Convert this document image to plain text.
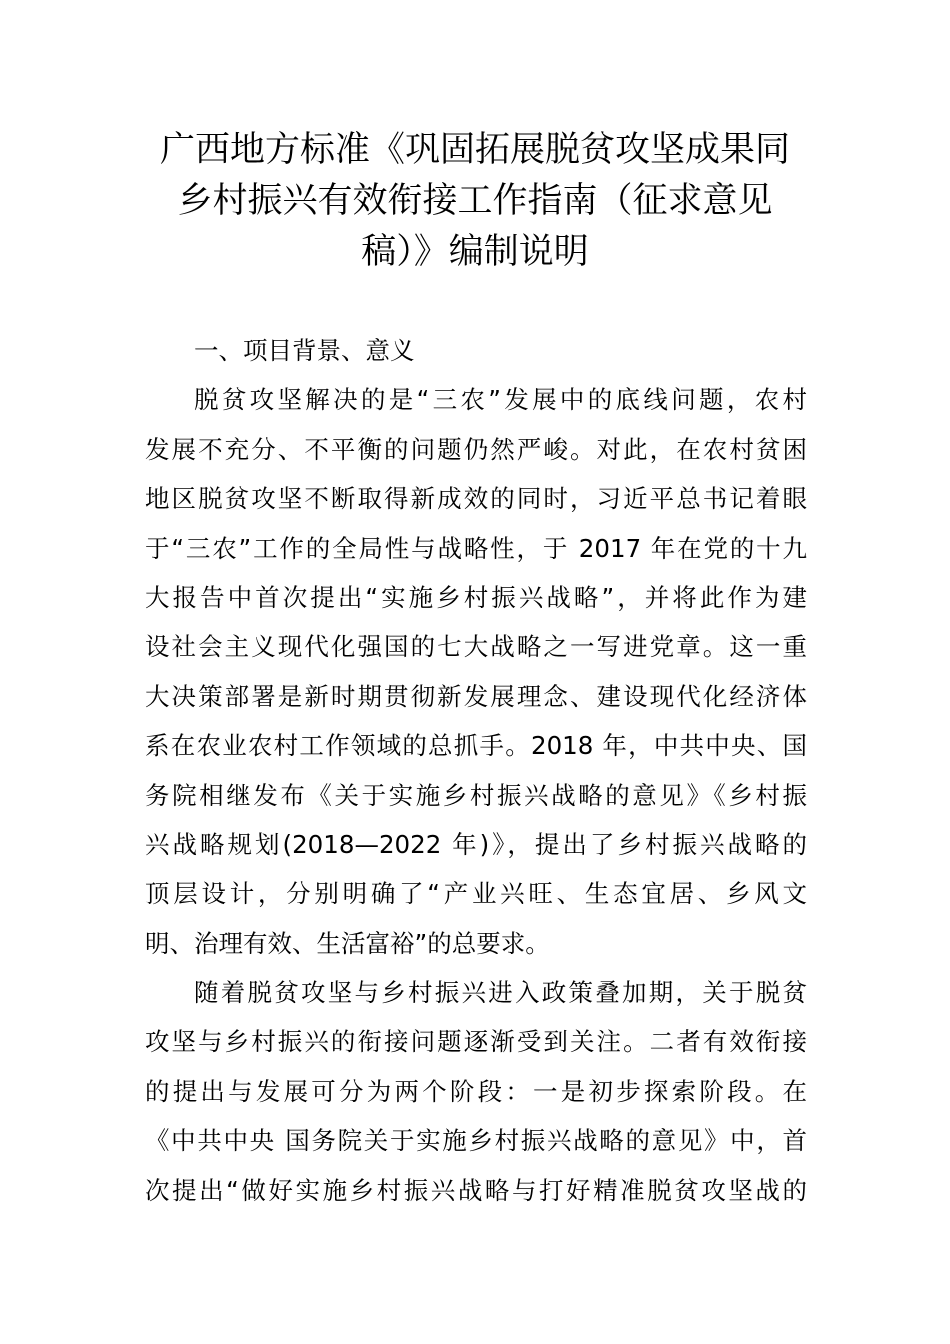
广西地方标准《巩固拓展脱贫攻坚成果同
乡村振兴有效衔接工作指南（征求意见
稿）》编制说明
一、项目背景、意义
脱贫攻坚解决的是“三农”发展中的底线问题，农村
发展不充分、不平衡的问题仍然严峻。对此，在农村贫困
地区脱贫攻坚不断取得新成效的同时，习近平总书记着眼
于“三农”工作的全局性与战略性，于 2017 年在党的十九
大报告中首次提出“实施乡村振兴战略”，并将此作为建
设社会主义现代化强国的七大战略之一写进党章。这一重
大决策部署是新时期贯彻新发展理念、建设现代化经济体
系在农业农村工作领域的总抓手。2018 年，中共中央、国
务院相继发布《关于实施乡村振兴战略的意见》《乡村振
兴战略规划(2018—2022 年)》，提出了乡村振兴战略的
顶层设计，分别明确了“产业兴旺、生态宜居、乡风文
明、治理有效、生活富裕”的总要求。
随着脱贫攻坚与乡村振兴进入政策叠加期，关于脱贫
攻坚与乡村振兴的衔接问题逐渐受到关注。二者有效衔接
的提出与发展可分为两个阶段：一是初步探索阶段。在
《中共中央 国务院关于实施乡村振兴战略的意见》中，首
次提出“做好实施乡村振兴战略与打好精准脱贫攻坚战的
